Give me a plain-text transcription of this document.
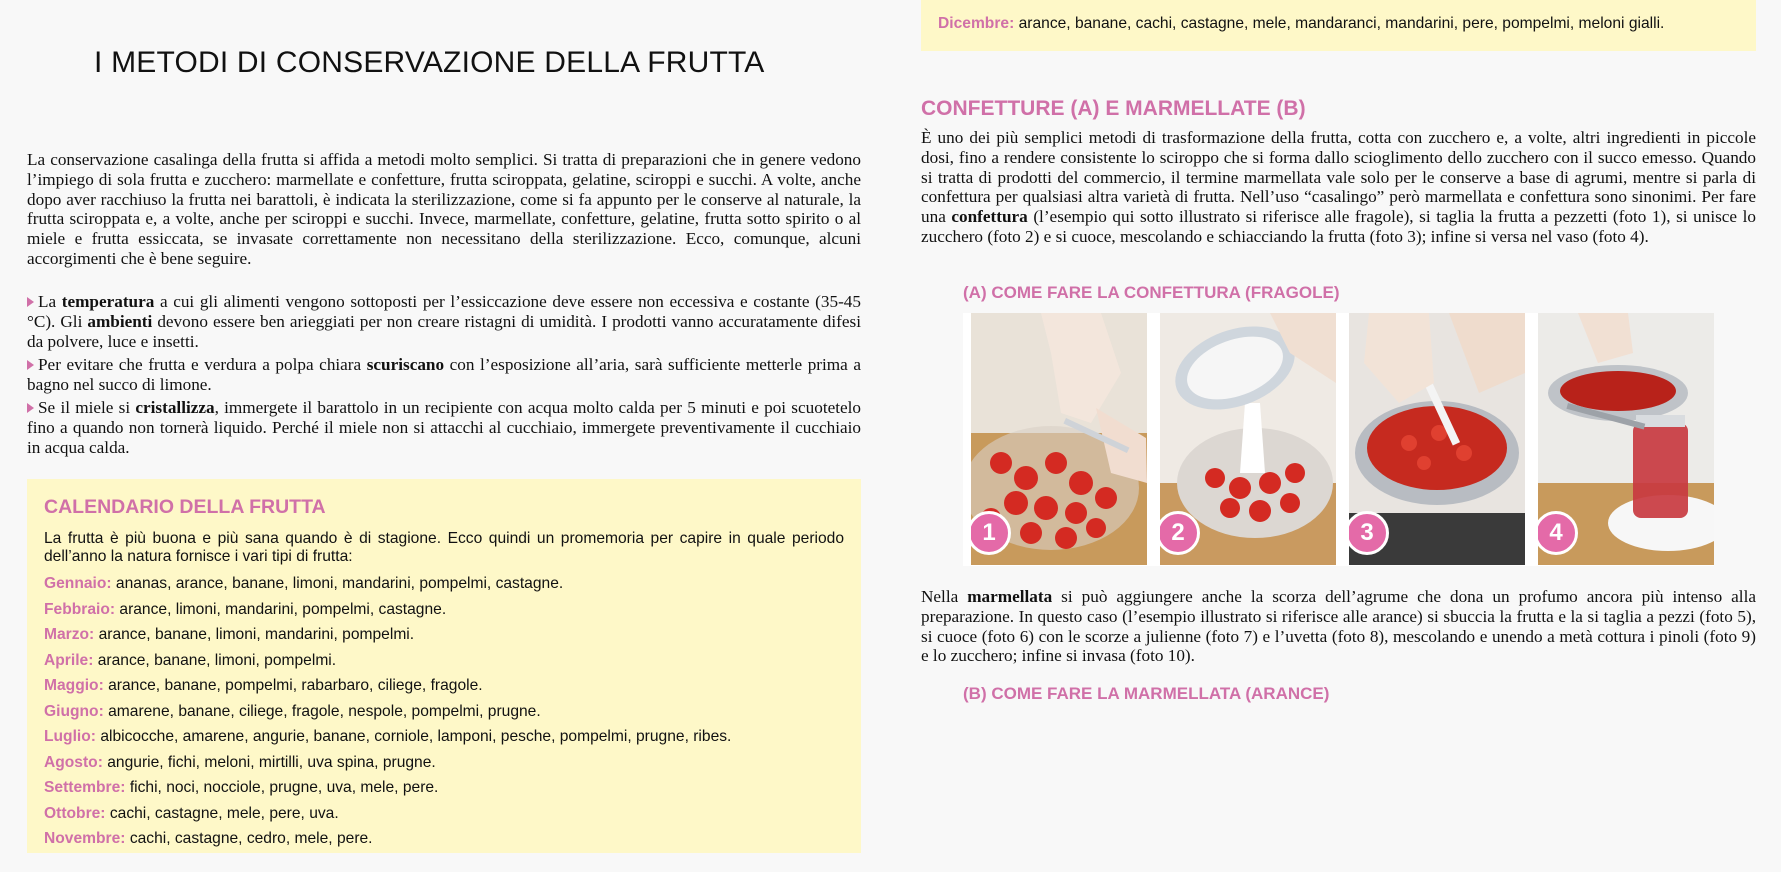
I METODI DI CONSERVAZIONE DELLA FRUTTA

La conservazione casalinga della frutta si affida a metodi molto semplici. Si tratta di preparazioni che in genere vedono l’impiego di sola frutta e zucchero: marmellate e confetture, frutta sciroppata, gelatine, sciroppi e succhi. A volte, anche dopo aver racchiuso la frutta nei barattoli, è indicata la sterilizzazione, come si fa appunto per le conserve al naturale, la frutta sciroppata e, a volte, anche per sciroppi e succhi. Invece, marmellate, confetture, gelatine, frutta sotto spirito o al miele e frutta essiccata, se invasate correttamente non necessitano della sterilizzazione. Ecco, comunque, alcuni accorgimenti che è bene seguire.

La temperatura a cui gli alimenti vengono sottoposti per l’essiccazione deve essere non eccessiva e costante (35-45 °C). Gli ambienti devono essere ben arieggiati per non creare ristagni di umidità. I prodotti vanno accuratamente difesi da polvere, luce e insetti.

Per evitare che frutta e verdura a polpa chiara scuriscano con l’esposizione all’aria, sarà sufficiente metterle prima a bagno nel succo di limone.

Se il miele si cristallizza, immergete il barattolo in un recipiente con acqua molto calda per 5 minuti e poi scuotetelo fino a quando non tornerà liquido. Perché il miele non si attacchi al cucchiaio, immergete preventivamente il cucchiaio in acqua calda.

CALENDARIO DELLA FRUTTA

La frutta è più buona e più sana quando è di stagione. Ecco quindi un promemoria per capire in quale periodo dell’anno la natura fornisce i vari tipi di frutta:

Gennaio: ananas, arance, banane, limoni, mandarini, pompelmi, castagne.
Febbraio: arance, limoni, mandarini, pompelmi, castagne.
Marzo: arance, banane, limoni, mandarini, pompelmi.
Aprile: arance, banane, limoni, pompelmi.
Maggio: arance, banane, pompelmi, rabarbaro, ciliege, fragole.
Giugno: amarene, banane, ciliege, fragole, nespole, pompelmi, prugne.
Luglio: albicocche, amarene, angurie, banane, corniole, lamponi, pesche, pompelmi, prugne, ribes.
Agosto: angurie, fichi, meloni, mirtilli, uva spina, prugne.
Settembre: fichi, noci, nocciole, prugne, uva, mele, pere.
Ottobre: cachi, castagne, mele, pere, uva.
Novembre: cachi, castagne, cedro, mele, pere.
Dicembre: arance, banane, cachi, castagne, mele, mandaranci, mandarini, pere, pompelmi, meloni gialli.
CONFETTURE (A) E MARMELLATE (B)

È uno dei più semplici metodi di trasformazione della frutta, cotta con zucchero e, a volte, altri ingredienti in piccole dosi, fino a rendere consistente lo sciroppo che si forma dallo scioglimento dello zucchero con il succo emesso. Quando si tratta di prodotti del commercio, il termine marmellata vale solo per le conserve a base di agrumi, mentre si parla di confettura per qualsiasi altra varietà di frutta. Nell’uso “casalingo” però marmellata e confettura sono sinonimi. Per fare una confettura (l’esempio qui sotto illustrato si riferisce alle fragole), si taglia la frutta a pezzetti (foto 1), si unisce lo zucchero (foto 2) e si cuoce, mescolando e schiacciando la frutta (foto 3); infine si versa nel vaso (foto 4).

(A) COME FARE LA CONFETTURA (FRAGOLE)
1	2	3	4

Nella marmellata si può aggiungere anche la scorza dell’agrume che dona un profumo ancora più intenso alla preparazione. In questo caso (l’esempio illustrato si riferisce alle arance) si sbuccia la frutta e la si taglia a pezzi (foto 5), si cuoce (foto 6) con le scorze a julienne (foto 7) e l’uvetta (foto 8), mescolando e unendo a metà cottura i pinoli (foto 9) e lo zucchero; infine si invasa (foto 10).

(B) COME FARE LA MARMELLATA (ARANCE)
